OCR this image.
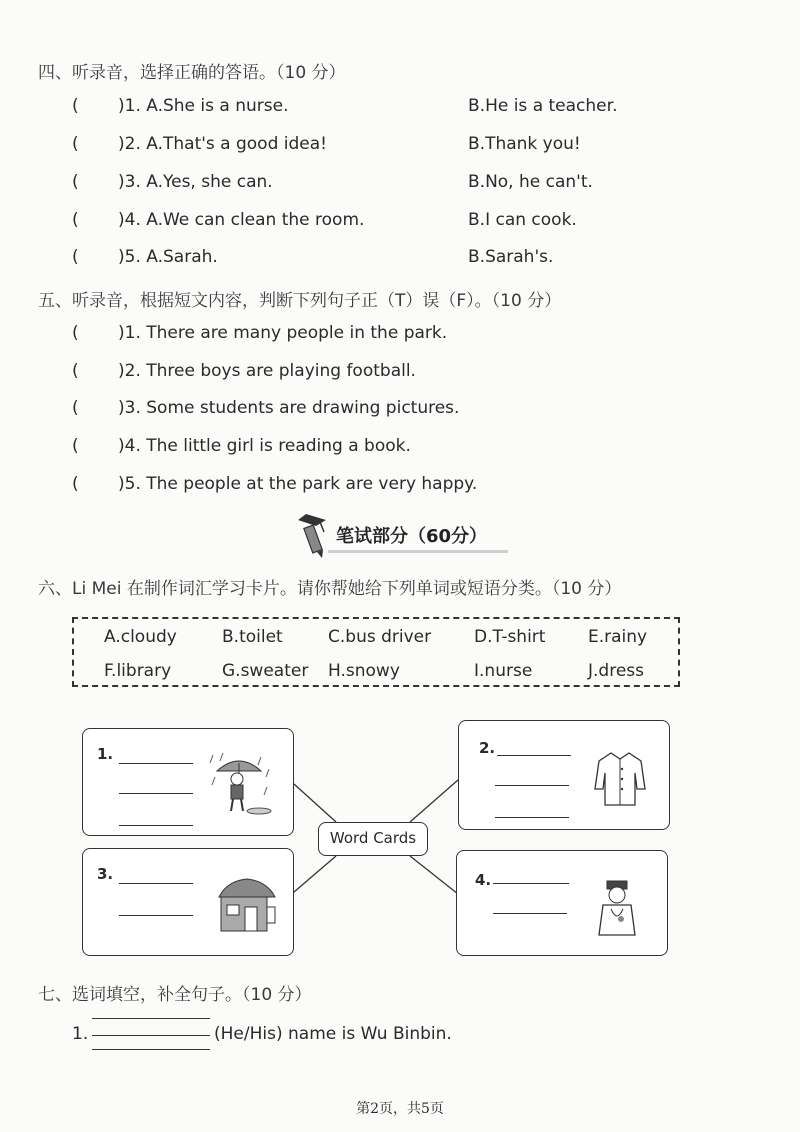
四、听录音，选择正确的答语。（10 分）
( )1. A.She is a nurse.	B.He is a teacher.
( )2. A.That's a good idea!	B.Thank you!
( )3. A.Yes, she can.	B.No, he can't.
( )4. A.We can clean the room.	B.I can cook.
( )5. A.Sarah.	B.Sarah's.
五、听录音，根据短文内容，判断下列句子正（T）误（F）。（10 分）
( )1. There are many people in the park.
( )2. Three boys are playing football.
( )3. Some students are drawing pictures.
( )4. The little girl is reading a book.
( )5. The people at the park are very happy.
笔试部分（60分）
六、Li Mei 在制作词汇学习卡片。请你帮她给下列单词或短语分类。（10 分）
A.cloudy	B.toilet	C.bus driver	D.T-shirt	E.rainy
F.library	G.sweater H.snowy	I.nurse	J.dress
1.	2.
3.	4.
Word Cards
七、选词填空，补全句子。（10 分）
1.	(He/His) name is Wu Binbin.
第2页，共5页
